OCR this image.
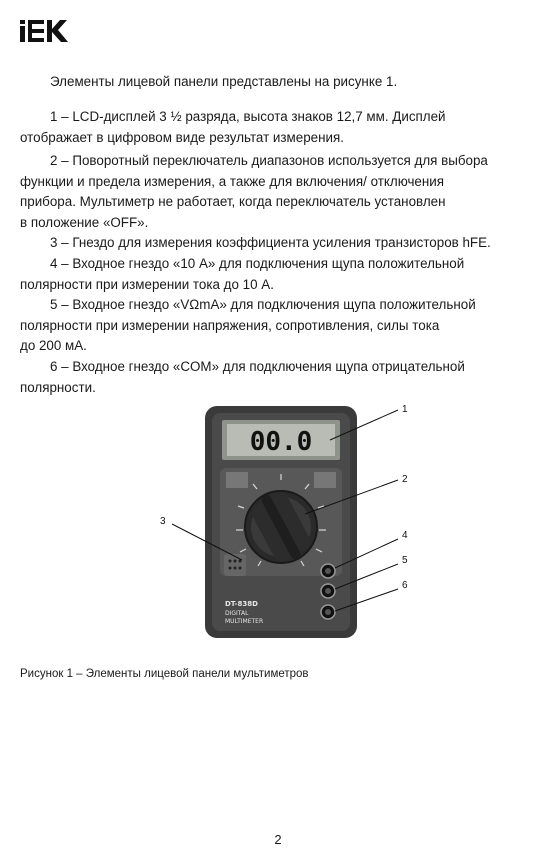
Элементы лицевой панели представлены на рисунке 1.

1 – LCD-дисплей 3 ½ разряда, высота знаков 12,7 мм. Дисплей
отображает в цифровом виде результат измерения.

2 – Поворотный переключатель диапазонов используется для выбора
функции и предела измерения, а также для включения/ отключения
прибора. Мультиметр не работает, когда переключатель установлен
в положение «OFF».

3 – Гнездо для измерения коэффициента усиления транзисторов hFE.

4 – Входное гнездо «10 А» для подключения щупа положительной
полярности при измерении тока до 10 А.

5 – Входное гнездо «VΩmA» для подключения щупа положительной
полярности при измерении напряжения, сопротивления, силы тока
до 200 мА.

6 – Входное гнездо «COM» для подключения щупа отрицательной
полярности.

00.0
DT-838D
DIGITAL
MULTIMETER
1
2
3
4
5
6
Рисунок 1 – Элементы лицевой панели мультиметров
2
